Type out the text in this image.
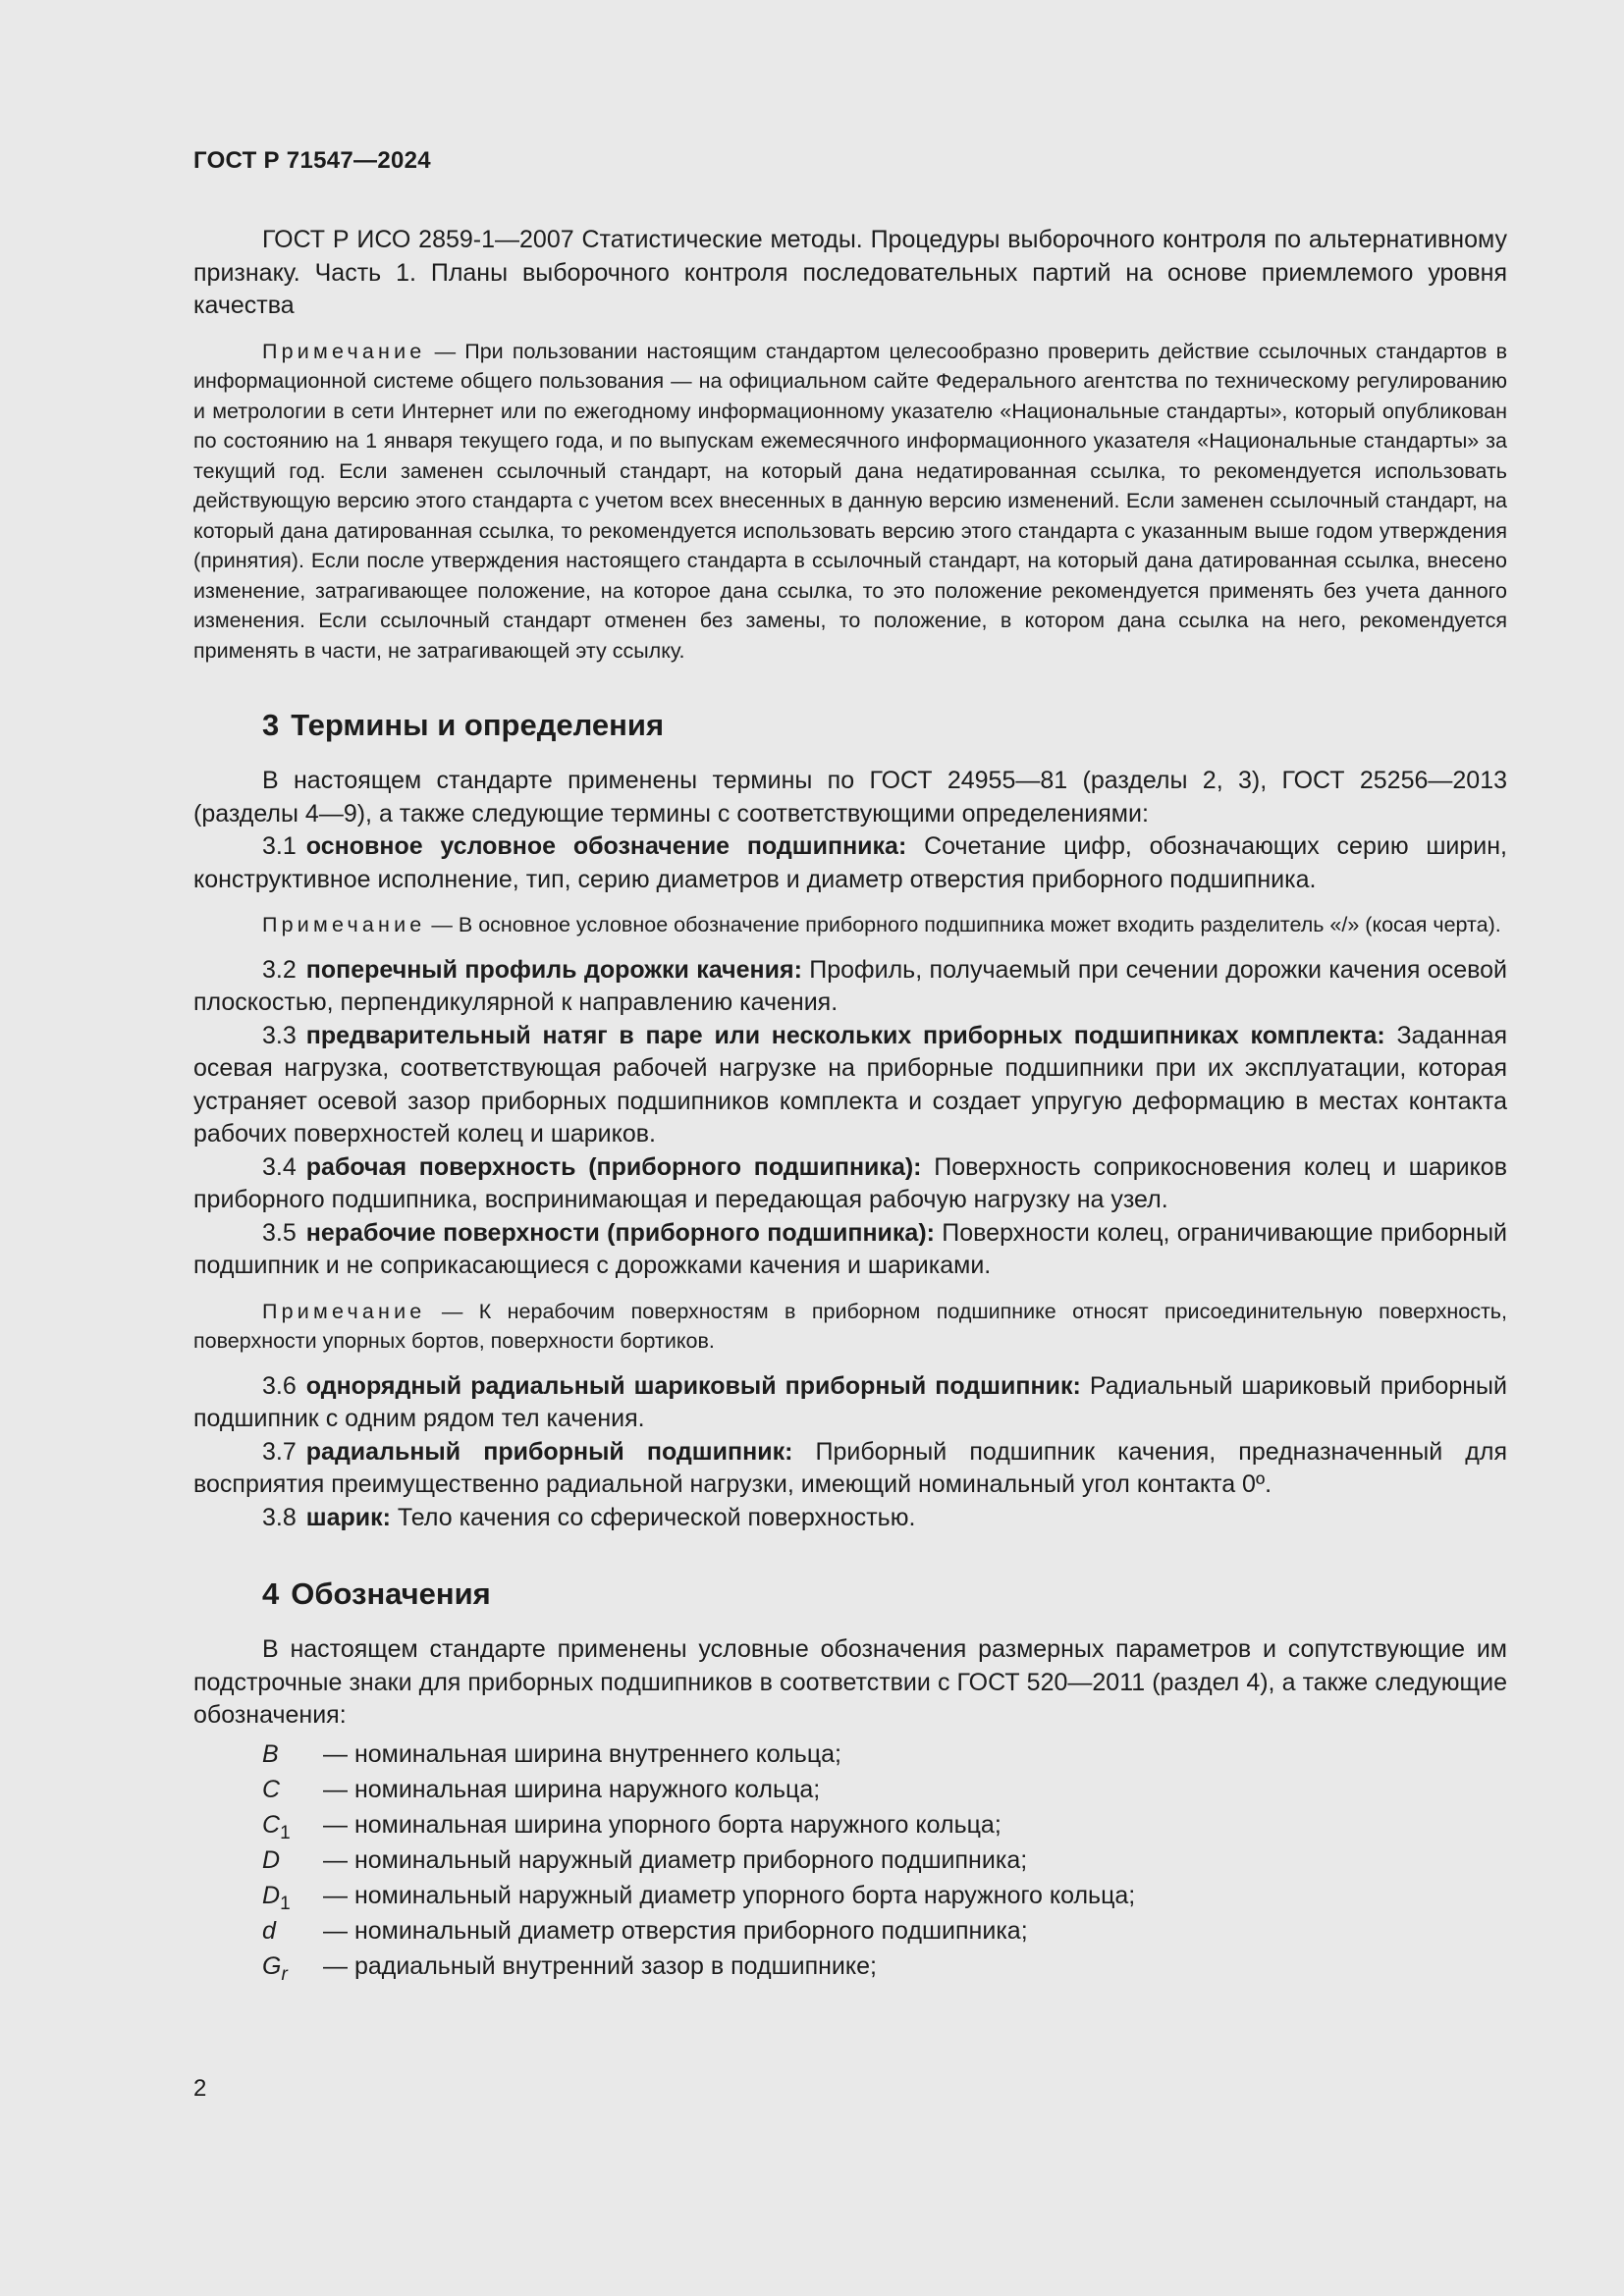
ГОСТ Р 71547—2024

ГОСТ Р ИСО 2859-1—2007 Статистические методы. Процедуры выборочного контроля по альтернативному признаку. Часть 1. Планы выборочного контроля последовательных партий на основе приемлемого уровня качества

Примечание — При пользовании настоящим стандартом целесообразно проверить действие ссылочных стандартов в информационной системе общего пользования — на официальном сайте Федерального агентства по техническому регулированию и метрологии в сети Интернет или по ежегодному информационному указателю «Национальные стандарты», который опубликован по состоянию на 1 января текущего года, и по выпускам ежемесячного информационного указателя «Национальные стандарты» за текущий год. Если заменен ссылочный стандарт, на который дана недатированная ссылка, то рекомендуется использовать действующую версию этого стандарта с учетом всех внесенных в данную версию изменений. Если заменен ссылочный стандарт, на который дана датированная ссылка, то рекомендуется использовать версию этого стандарта с указанным выше годом утверждения (принятия). Если после утверждения настоящего стандарта в ссылочный стандарт, на который дана датированная ссылка, внесено изменение, затрагивающее положение, на которое дана ссылка, то это положение рекомендуется применять без учета данного изменения. Если ссылочный стандарт отменен без замены, то положение, в котором дана ссылка на него, рекомендуется применять в части, не затрагивающей эту ссылку.

3 Термины и определения

В настоящем стандарте применены термины по ГОСТ 24955—81 (разделы 2, 3), ГОСТ 25256—2013 (разделы 4—9), а также следующие термины с соответствующими определениями:

3.1 основное условное обозначение подшипника: Сочетание цифр, обозначающих серию ширин, конструктивное исполнение, тип, серию диаметров и диаметр отверстия приборного подшипника.

Примечание — В основное условное обозначение приборного подшипника может входить разделитель «/» (косая черта).

3.2 поперечный профиль дорожки качения: Профиль, получаемый при сечении дорожки качения осевой плоскостью, перпендикулярной к направлению качения.

3.3 предварительный натяг в паре или нескольких приборных подшипниках комплекта: Заданная осевая нагрузка, соответствующая рабочей нагрузке на приборные подшипники при их эксплуатации, которая устраняет осевой зазор приборных подшипников комплекта и создает упругую деформацию в местах контакта рабочих поверхностей колец и шариков.

3.4 рабочая поверхность (приборного подшипника): Поверхность соприкосновения колец и шариков приборного подшипника, воспринимающая и передающая рабочую нагрузку на узел.

3.5 нерабочие поверхности (приборного подшипника): Поверхности колец, ограничивающие приборный подшипник и не соприкасающиеся с дорожками качения и шариками.

Примечание — К нерабочим поверхностям в приборном подшипнике относят присоединительную поверхность, поверхности упорных бортов, поверхности бортиков.

3.6 однорядный радиальный шариковый приборный подшипник: Радиальный шариковый приборный подшипник с одним рядом тел качения.

3.7 радиальный приборный подшипник: Приборный подшипник качения, предназначенный для восприятия преимущественно радиальной нагрузки, имеющий номинальный угол контакта 0º.

3.8 шарик: Тело качения со сферической поверхностью.

4 Обозначения

В настоящем стандарте применены условные обозначения размерных параметров и сопутствующие им подстрочные знаки для приборных подшипников в соответствии с ГОСТ 520—2011 (раздел 4), а также следующие обозначения:

B	— номинальная ширина внутреннего кольца;
C	— номинальная ширина наружного кольца;
$C_1$	— номинальная ширина упорного борта наружного кольца;
D	— номинальный наружный диаметр приборного подшипника;
$D_1$	— номинальный наружный диаметр упорного борта наружного кольца;
d	— номинальный диаметр отверстия приборного подшипника;
$G_r$	— радиальный внутренний зазор в подшипнике;
2
